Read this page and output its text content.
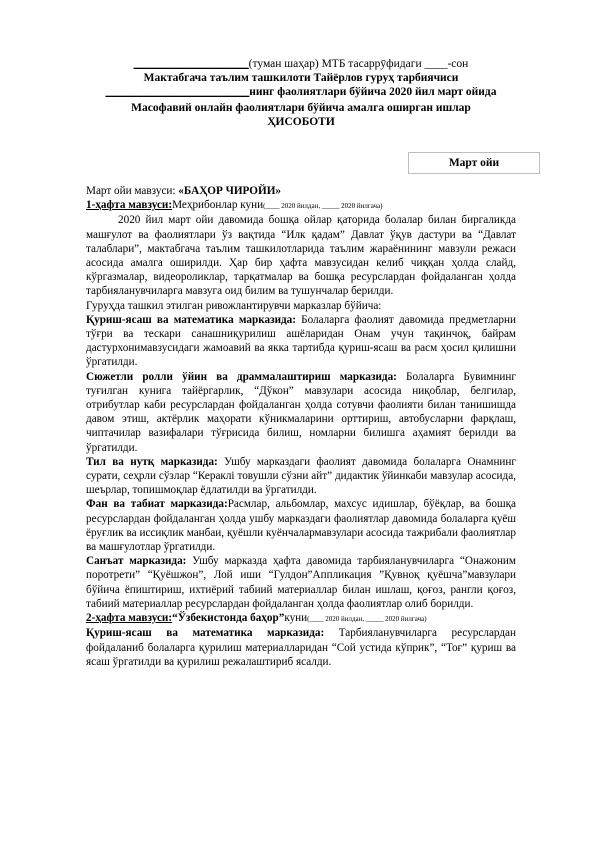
____________________(туман шаҳар) МТБ тасаррӯфидаги ____-сон
Мактабгача таълим ташкилоти Тайёрлов гуруҳ тарбиячиси
_________________________нинг фаолиятлари бўйича 2020 йил март ойида
Масофавий онлайн фаолиятлари бўйича амалга оширган ишлар
ҲИСОБОТИ
Март ойи
Март ойи мавзуси: «БАҲОР ЧИРОЙИ»
1-ҳафта мавзуси:Меҳрибонлар куни(____ 2020 йилдан, _____ 2020 йилгача)
2020 йил март ойи давомида бошқа ойлар қаторида болалар билан биргаликда машғулот ва фаолиятлари ўз вақтида “Илк қадам” Давлат ўқув дастури ва “Давлат талаблари”, мактабгача таълим ташкилотларида таълим жараёнининг мавзули режаси асосида амалга оширилди. Ҳар бир ҳафта мавзусидан келиб чиққан ҳолда слайд, кўргазмалар, видеороликлар, тарқатмалар ва бошқа ресурслардан фойдаланган ҳолда тарбияланувчиларга мавзуга оид билим ва тушунчалар берилди.
Гуруҳда ташкил этилган ривожлантирувчи марказлар бўйича:
Қуриш-ясаш ва математика марказида: Болаларга фаолият давомида предметларни тўғри ва тескари санашниқурилиш ашёларидан Онам учун тақинчоқ, байрам дастурхонимавзусидаги жамоавий ва якка тартибда қуриш-ясаш ва расм ҳосил қилишни ўргатилди.
Сюжетли ролли ўйин ва драммалаштириш марказида: Болаларга Бувимнинг туғилган кунига тайёргарлик, “Дўкон” мавзулари асосида ниқоблар, белгилар, отрибутлар каби ресурслардан фойдаланган ҳолда сотувчи фаолияти билан танишишда давом этиш, актёрлик маҳорати кўникмаларини орттириш, автобусларни фарқлаш, чиптачилар вазифалари тўғрисида билиш, номларни билишга аҳамият берилди ва ўргатилди.
Тил ва нутқ марказида: Ушбу марказдаги фаолият давомида болаларга Онамнинг сурати, сеҳрли сўзлар “Кераклi товушли сўзни айт” дидактик ўйинкаби мавзулар асосида, шеърлар, топишмоқлар ёдлатилди ва ўргатилди.
Фан ва табиат марказида:Расмлар, альбомлар, махсус идишлар, бўёқлар, ва бошқа ресурслардан фойдаланган ҳолда ушбу марказдаги фаолиятлар давомида болаларга қуёш ёруғлик ва иссиқлик манбаи, қуёшли куёнчалармавзулари асосида тажрибали фаолиятлар ва машғулотлар ўргатилди.
Санъат марказида: Ушбу марказда ҳафта давомида тарбияланувчиларга “Онажоним поротрети” “Қуёшжон”, Лой иши “Гулдон”Аппликация ”Қувноқ қуёшча”мавзулари бўйича ёпиштириш, ихтиёрий табиий материаллар билан ишлаш, қоғоз, рангли қоғоз, табиий материаллар ресурслардан фойдаланган ҳолда фаолиятлар олиб борилди.
2-ҳафта мавзуси:“Ўзбекистонда баҳор”куни(____ 2020 йилдан, _____ 2020 йилгача)
Қуриш-ясаш ва математика марказида: Тарбияланувчиларга ресурслардан фойдаланиб болаларга қурилиш материалларидан “Сой устида кўприк”, “Тоғ” қуриш ва ясаш ўргатилди ва қурилиш режалаштириб ясалди.
